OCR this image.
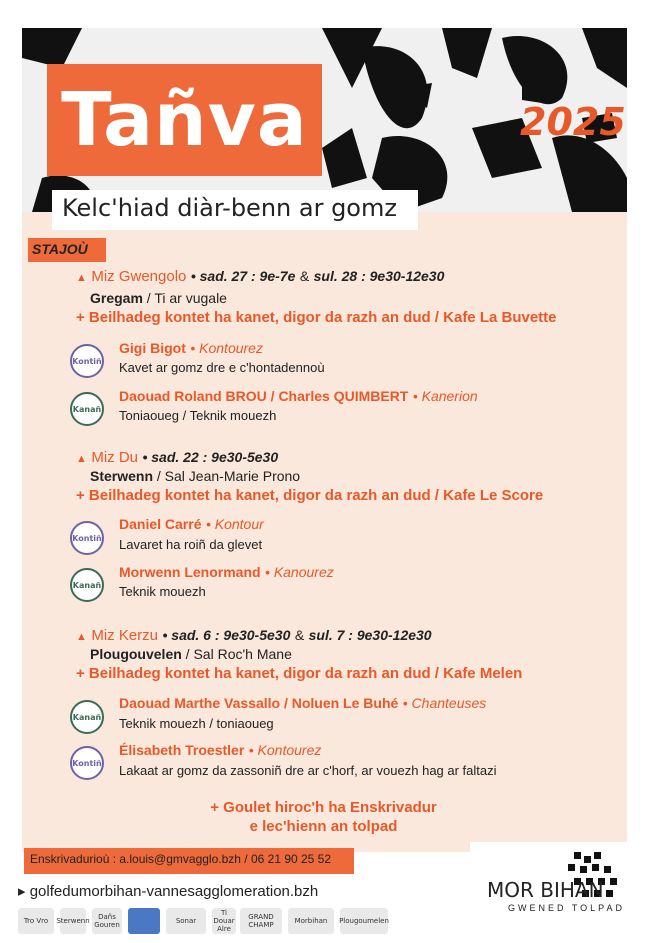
Tañva	2025
Kelc'hiad diàr-benn ar gomz
STAJOÙ
▲ Miz Gwengolo • sad. 27 : 9e-7e & sul. 28 : 9e30-12e30
Gregam / Ti ar vugale
+ Beilhadeg kontet ha kanet, digor da razh an dud / Kafe La Buvette
Kontiñ
Gigi Bigot • Kontourez
Kavet ar gomz dre e c'hontadennoù
Kanañ
Daouad Roland BROU / Charles QUIMBERT • Kanerion
Toniaoueg / Teknik mouezh
▲ Miz Du • sad. 22 : 9e30-5e30
Sterwenn / Sal Jean-Marie Prono
+ Beilhadeg kontet ha kanet, digor da razh an dud / Kafe Le Score
Kontiñ
Daniel Carré • Kontour
Lavaret ha roiñ da glevet
Kanañ
Morwenn Lenormand • Kanourez
Teknik mouezh
▲ Miz Kerzu • sad. 6 : 9e30-5e30 & sul. 7 : 9e30-12e30
Plougouvelen / Sal Roc'h Mane
+ Beilhadeg kontet ha kanet, digor da razh an dud / Kafe Melen
Kanañ
Daouad Marthe Vassallo / Noluen Le Buhé • Chanteuses
Teknik mouezh / toniaoueg
Kontiñ
Élisabeth Troestler • Kontourez
Lakaat ar gomz da zassoniñ dre ar c'horf, ar vouezh hag ar faltazi
+ Goulet hiroc'h ha Enskrivadur
e lec'hienn an tolpad
Enskrivadurioù : a.louis@gmvagglo.bzh / 06 21 90 25 52
▸ golfedumorbihan-vannesagglomeration.bzh	MOR BIHAN
GWENED TOLPAD
Tro Vro	Sterwenn	Dañs Gouren	Sonar
Ti Douar Alre
GRAND CHAMP	Morbihan	Plougoumelen
